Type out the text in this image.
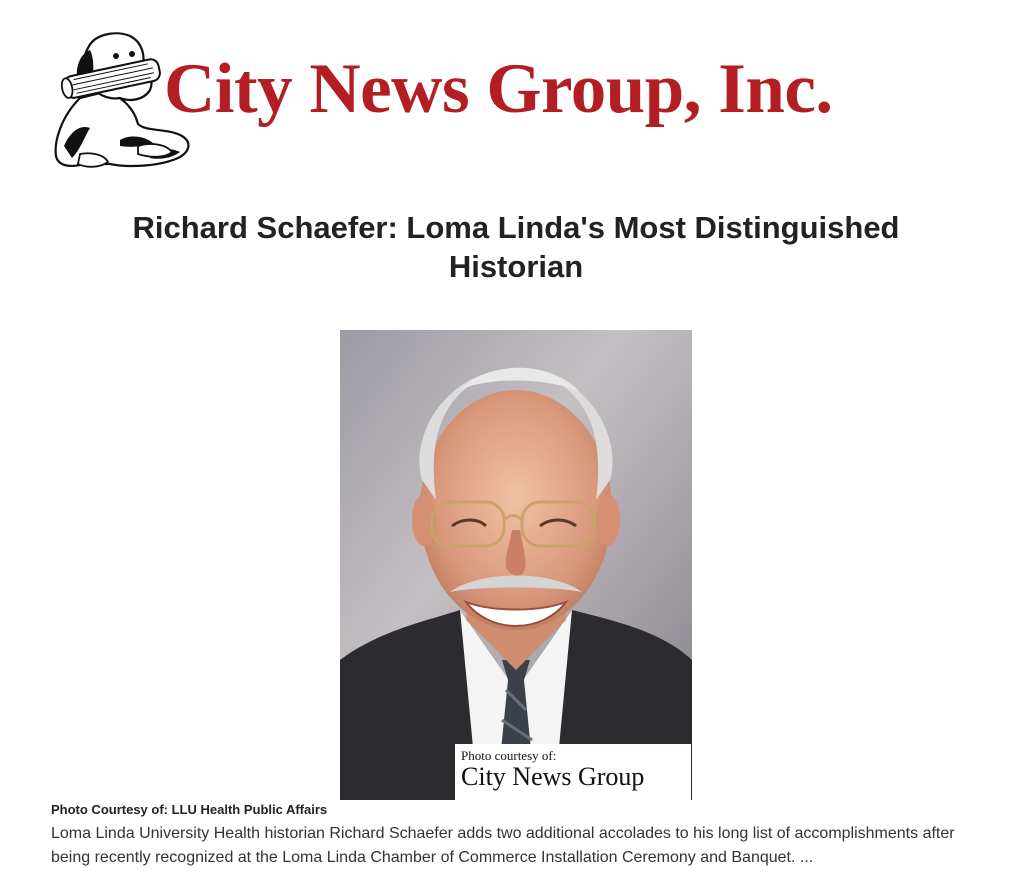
City News Group, Inc.
Richard Schaefer: Loma Linda's Most Distinguished Historian
Photo courtesy of:
City News Group
Photo Courtesy of: LLU Health Public Affairs

Loma Linda University Health historian Richard Schaefer adds two additional accolades to his long list of accomplishments after being recently recognized at the Loma Linda Chamber of Commerce Installation Ceremony and Banquet. ...
